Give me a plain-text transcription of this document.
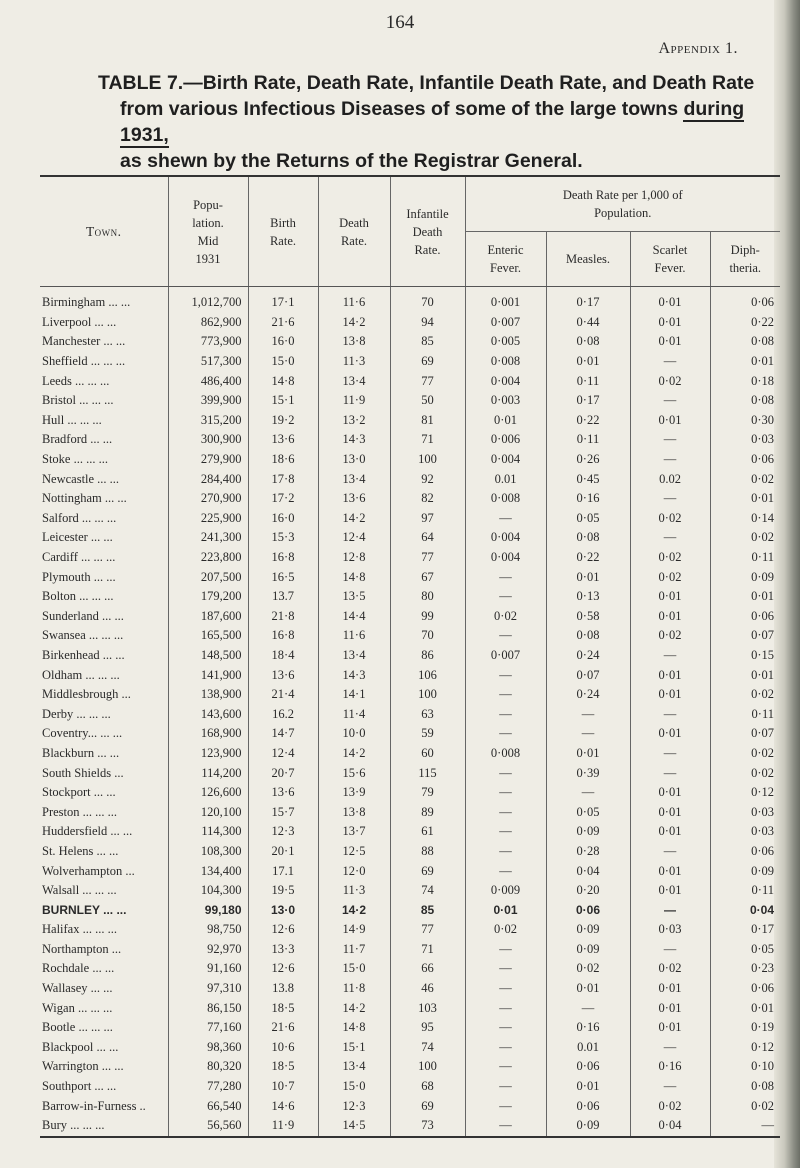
164
Appendix 1.
TABLE 7.—Birth Rate, Death Rate, Infantile Death Rate, and Death Rate
from various Infectious Diseases of some of the large towns during 1931,
as shewn by the Returns of the Registrar General.
Town.	Popu-
lation.
Mid
1931	Birth
Rate.	Death
Rate.	Infantile
Death
Rate.	Death Rate per 1,000 of
Population.			
					Enteric
Fever.	Measles.	Scarlet
Fever.	Diph-
theria.
Birmingham ... ...	1,012,700	17·1	11·6	70	0·001	0·17	0·01	0·06
Liverpool ... ...	862,900	21·6	14·2	94	0·007	0·44	0·01	0·22
Manchester ... ...	773,900	16·0	13·8	85	0·005	0·08	0·01	0·08
Sheffield ... ... ...	517,300	15·0	11·3	69	0·008	0·01	—	0·01
Leeds ... ... ...	486,400	14·8	13·4	77	0·004	0·11	0·02	0·18
Bristol ... ... ...	399,900	15·1	11·9	50	0·003	0·17	—	0·08
Hull ... ... ...	315,200	19·2	13·2	81	0·01	0·22	0·01	0·30
Bradford ... ...	300,900	13·6	14·3	71	0·006	0·11	—	0·03
Stoke ... ... ...	279,900	18·6	13·0	100	0·004	0·26	—	0·06
Newcastle ... ...	284,400	17·8	13·4	92	0.01	0·45	0.02	0·02
Nottingham ... ...	270,900	17·2	13·6	82	0·008	0·16	—	0·01
Salford ... ... ...	225,900	16·0	14·2	97	—	0·05	0·02	0·14
Leicester ... ...	241,300	15·3	12·4	64	0·004	0·08	—	0·02
Cardiff ... ... ...	223,800	16·8	12·8	77	0·004	0·22	0·02	0·11
Plymouth ... ...	207,500	16·5	14·8	67	—	0·01	0·02	0·09
Bolton ... ... ...	179,200	13.7	13·5	80	—	0·13	0·01	0·01
Sunderland ... ...	187,600	21·8	14·4	99	0·02	0·58	0·01	0·06
Swansea ... ... ...	165,500	16·8	11·6	70	—	0·08	0·02	0·07
Birkenhead ... ...	148,500	18·4	13·4	86	0·007	0·24	—	0·15
Oldham ... ... ...	141,900	13·6	14·3	106	—	0·07	0·01	0·01
Middlesbrough ...	138,900	21·4	14·1	100	—	0·24	0·01	0·02
Derby ... ... ...	143,600	16.2	11·4	63	—	—	—	0·11
Coventry... ... ...	168,900	14·7	10·0	59	—	—	0·01	0·07
Blackburn ... ...	123,900	12·4	14·2	60	0·008	0·01	—	0·02
South Shields ...	114,200	20·7	15·6	115	—	0·39	—	0·02
Stockport ... ...	126,600	13·6	13·9	79	—	—	0·01	0·12
Preston ... ... ...	120,100	15·7	13·8	89	—	0·05	0·01	0·03
Huddersfield ... ...	114,300	12·3	13·7	61	—	0·09	0·01	0·03
St. Helens ... ...	108,300	20·1	12·5	88	—	0·28	—	0·06
Wolverhampton ...	134,400	17.1	12·0	69	—	0·04	0·01	0·09
Walsall ... ... ...	104,300	19·5	11·3	74	0·009	0·20	0·01	0·11
BURNLEY ... ...	99,180	13·0	14·2	85	0·01	0·06	—	0·04
Halifax ... ... ...	98,750	12·6	14·9	77	0·02	0·09	0·03	0·17
Northampton ...	92,970	13·3	11·7	71	—	0·09	—	0·05
Rochdale ... ...	91,160	12·6	15·0	66	—	0·02	0·02	0·23
Wallasey ... ...	97,310	13.8	11·8	46	—	0·01	0·01	0·06
Wigan ... ... ...	86,150	18·5	14·2	103	—	—	0·01	0·01
Bootle ... ... ...	77,160	21·6	14·8	95	—	0·16	0·01	0·19
Blackpool ... ...	98,360	10·6	15·1	74	—	0.01	—	0·12
Warrington ... ...	80,320	18·5	13·4	100	—	0·06	0·16	0·10
Southport ... ...	77,280	10·7	15·0	68	—	0·01	—	0·08
Barrow-in-Furness ..	66,540	14·6	12·3	69	—	0·06	0·02	0·02
Bury ... ... ...	56,560	11·9	14·5	73	—	0·09	0·04	—
